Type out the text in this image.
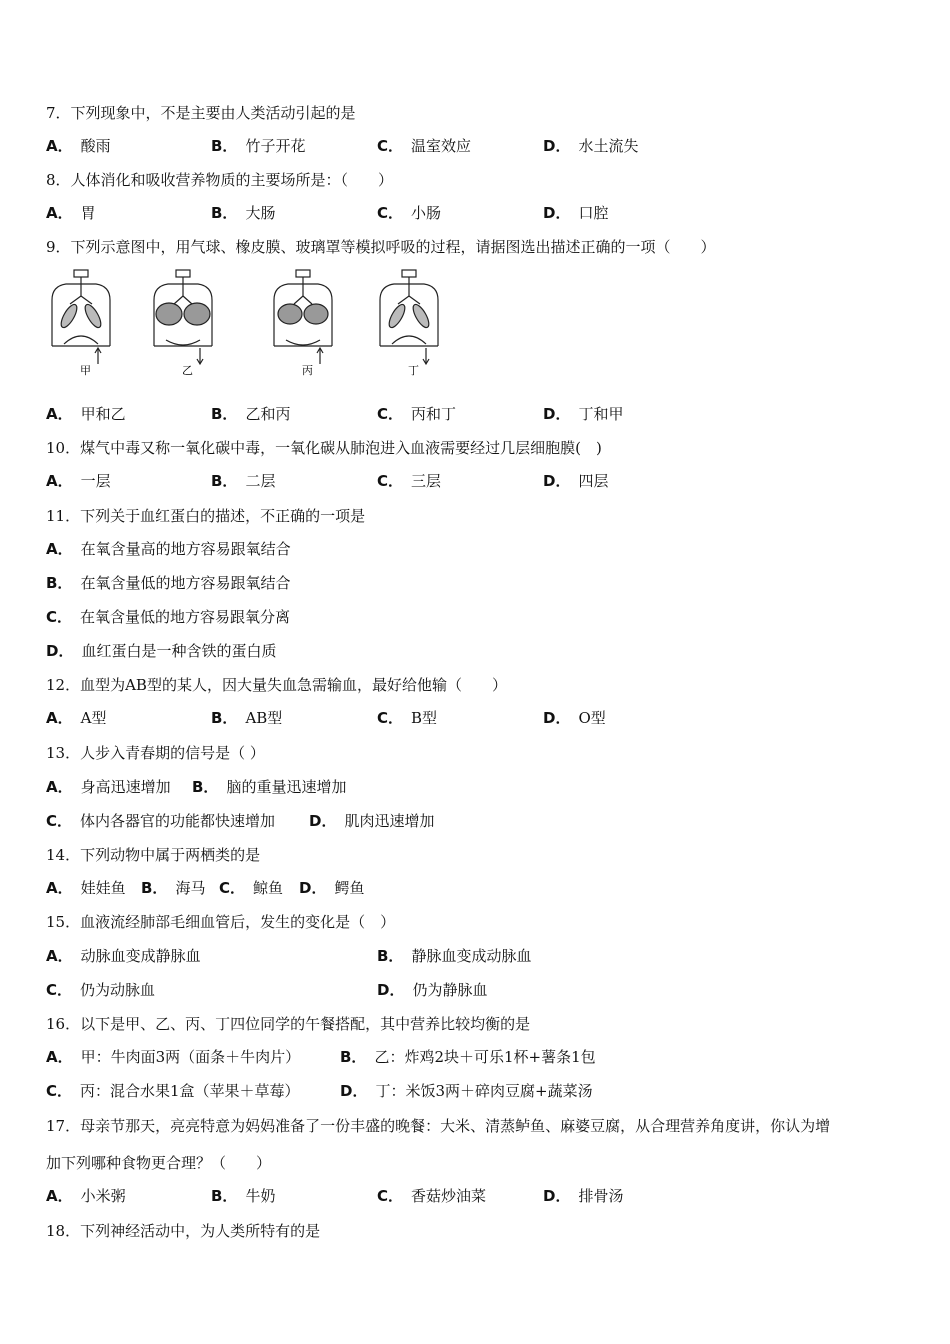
7．下列现象中，不是主要由人类活动引起的是
A． 酸雨	B． 竹子开花	C． 温室效应	D． 水土流失
8．人体消化和吸收营养物质的主要场所是：（　　）
A． 胃	B． 大肠	C． 小肠	D． 口腔
9．下列示意图中，用气球、橡皮膜、玻璃罩等模拟呼吸的过程，请据图选出描述正确的一项（　　）
甲	乙	丙	丁
A． 甲和乙	B． 乙和丙	C． 丙和丁	D． 丁和甲
10．煤气中毒又称一氧化碳中毒，一氧化碳从肺泡进入血液需要经过几层细胞膜(　)
A． 一层	B． 二层	C． 三层	D． 四层
11．下列关于血红蛋白的描述，不正确的一项是
A． 在氧含量高的地方容易跟氧结合
B． 在氧含量低的地方容易跟氧结合
C． 在氧含量低的地方容易跟氧分离
D． 血红蛋白是一种含铁的蛋白质
12．血型为AB型的某人，因大量失血急需输血，最好给他输（　　）
A． A型	B． AB型	C． B型	D． O型
13．人步入青春期的信号是（ ）
A． 身高迅速增加 B． 脑的重量迅速增加
C． 体内各器官的功能都快速增加 D． 肌肉迅速增加
14．下列动物中属于两栖类的是
A． 娃娃鱼 B． 海马 C． 鲸鱼 D． 鳄鱼
15．血液流经肺部毛细血管后，发生的变化是（　）
A． 动脉血变成静脉血	B． 静脉血变成动脉血
C． 仍为动脉血	D． 仍为静脉血
16．以下是甲、乙、丙、丁四位同学的午餐搭配，其中营养比较均衡的是
A． 甲：牛肉面3两（面条＋牛肉片）	B． 乙：炸鸡2块＋可乐1杯+薯条1包
C． 丙：混合水果1盒（苹果＋草莓）	D． 丁：米饭3两＋碎肉豆腐+蔬菜汤
17．母亲节那天，亮亮特意为妈妈准备了一份丰盛的晚餐：大米、清蒸鲈鱼、麻婆豆腐，从合理营养角度讲，你认为增
加下列哪种食物更合理？（　　）
A． 小米粥	B． 牛奶	C． 香菇炒油菜	D． 排骨汤
18．下列神经活动中，为人类所特有的是
